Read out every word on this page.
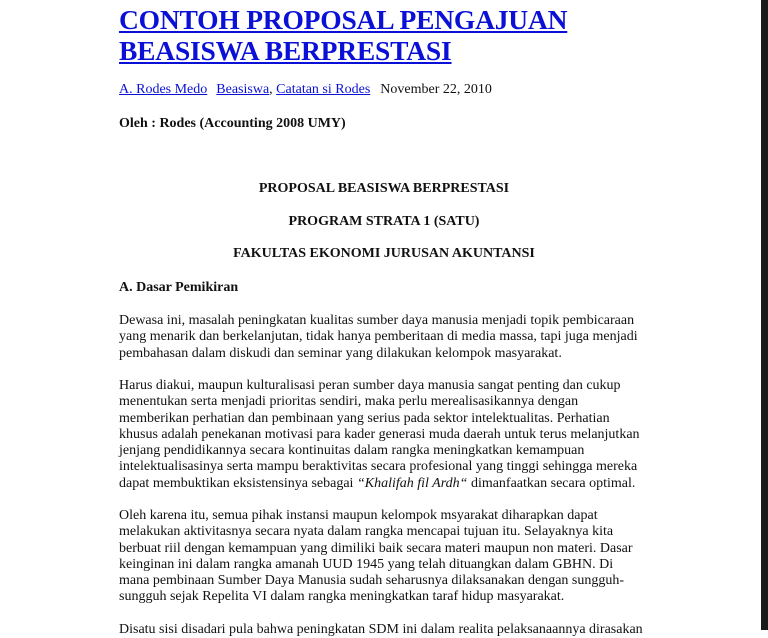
CONTOH PROPOSAL PENGAJUAN
BEASISWA BERPRESTASI
A. Rodes Medo Beasiswa, Catatan si Rodes November 22, 2010
Oleh : Rodes (Accounting 2008 UMY)
PROPOSAL BEASISWA BERPRESTASI
PROGRAM STRATA 1 (SATU)
FAKULTAS EKONOMI JURUSAN AKUNTANSI
A. Dasar Pemikiran
Dewasa ini, masalah peningkatan kualitas sumber daya manusia menjadi topik pembicaraan
yang menarik dan berkelanjutan, tidak hanya pemberitaan di media massa, tapi juga menjadi
pembahasan dalam diskudi dan seminar yang dilakukan kelompok masyarakat.
Harus diakui, maupun kulturalisasi peran sumber daya manusia sangat penting dan cukup
menentukan serta menjadi prioritas sendiri, maka perlu merealisasikannya dengan
memberikan perhatian dan pembinaan yang serius pada sektor intelektualitas. Perhatian
khusus adalah penekanan motivasi para kader generasi muda daerah untuk terus melanjutkan
jenjang pendidikannya secara kontinuitas dalam rangka meningkatkan kemampuan
intelektualisasinya serta mampu beraktivitas secara profesional yang tinggi sehingga mereka
dapat membuktikan eksistensinya sebagai “Khalifah fil Ardh“ dimanfaatkan secara optimal.
Oleh karena itu, semua pihak instansi maupun kelompok msyarakat diharapkan dapat
melakukan aktivitasnya secara nyata dalam rangka mencapai tujuan itu. Selayaknya kita
berbuat riil dengan kemampuan yang dimiliki baik secara materi maupun non materi. Dasar
keinginan ini dalam rangka amanah UUD 1945 yang telah dituangkan dalam GBHN. Di
mana pembinaan Sumber Daya Manusia sudah seharusnya dilaksanakan dengan sungguh-
sungguh sejak Repelita VI dalam rangka meningkatkan taraf hidup masyarakat.
Disatu sisi disadari pula bahwa peningkatan SDM ini dalam realita pelaksanaannya dirasakan
